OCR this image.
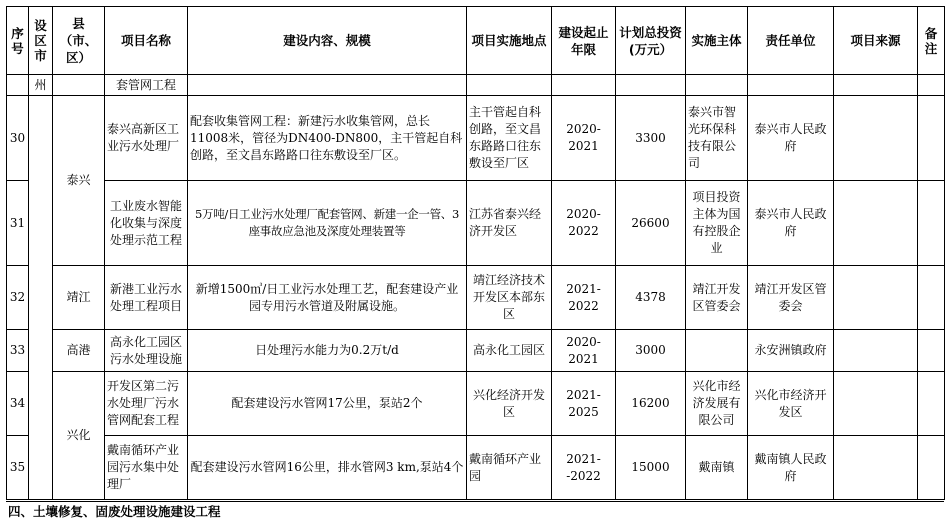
序号	设区市	县（市、区）	项目名称	建设内容、规模	项目实施地点	建设起止年限	计划总投资(万元）	实施主体	责任单位	项目来源	备注
	州		套管网工程								
30		泰兴	泰兴高新区工业污水处理厂	配套收集管网工程：新建污水收集管网，总长11008米，管径为DN400-DN800，主干管起自科创路，至文昌东路路口往东敷设至厂区。	主干管起自科创路，至文昌东路路口往东敷设至厂区	2020-2021	3300	泰兴市智光环保科技有限公司	泰兴市人民政府		
31			工业废水智能化收集与深度处理示范工程	5万吨/日工业污水处理厂配套管网、新建一企一管、3座事故应急池及深度处理装置等	江苏省泰兴经济开发区	2020-2022	26600	项目投资主体为国有控股企业	泰兴市人民政府		
32		靖江	新港工业污水处理工程项目	新增1500㎥/日工业污水处理工艺，配套建设产业园专用污水管道及附属设施。	靖江经济技术开发区本部东区	2021-2022	4378	靖江开发区管委会	靖江开发区管委会		
33		高港	高永化工园区污水处理设施	日处理污水能力为0.2万t/d	高永化工园区	2020-2021	3000		永安洲镇政府		
34		兴化	开发区第二污水处理厂污水管网配套工程	配套建设污水管网17公里，泵站2个	兴化经济开发区	2021-2025	16200	兴化市经济发展有限公司	兴化市经济开发区		
35			戴南循环产业园污水集中处理厂	配套建设污水管网16公里，排水管网3 km,泵站4个	戴南循环产业园	2021--2022	15000	戴南镇	戴南镇人民政府		
四、土壤修复、固废处理设施建设工程
